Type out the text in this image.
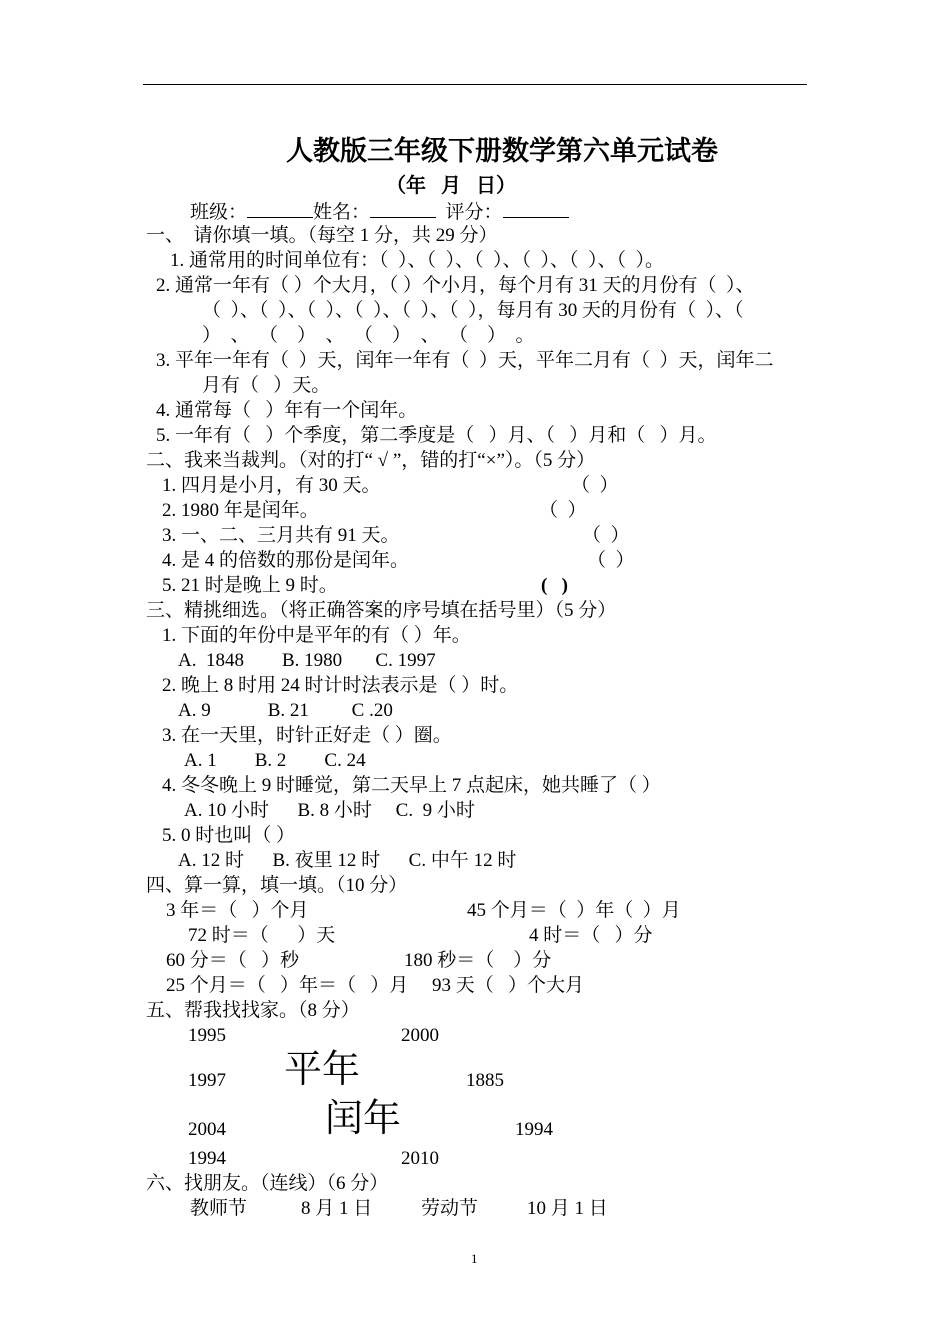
人教版三年级下册数学第六单元试卷
（年   月   日）
班级：	姓名：	评分：
一、  请你填一填。（每空 1 分，共 29 分）
1. 通常用的时间单位有：（  ）、（  ）、（  ）、（  ）、（  ）、（  ）。
2. 通常一年有（ ）个大月，（ ）个小月，每个月有 31 天的月份有（  ）、
（  ）、（  ）、（  ）、（  ）、（  ）、（  ），每月有 30 天的月份有（  ）、（
）  、  （    ）  、  （    ）  、  （    ）  。
3. 平年一年有（  ）天，闰年一年有（  ）天，平年二月有（  ）天，闰年二
月有（   ）天。
4. 通常每（   ）年有一个闰年。
5. 一年有（   ）个季度，第二季度是（   ）月、（   ）月和（   ）月。
二、我来当裁判。（对的打“ √ ”，错的打“×”）。（5 分）
1. 四月是小月，有 30 天。	（  ）
2. 1980 年是闰年。	（  ）
3. 一、二、三月共有 91 天。	（  ）
4. 是 4 的倍数的那份是闰年。	（  ）
5. 21 时是晚上 9 时。	(   )
三、精挑细选。（将正确答案的序号填在括号里）（5 分）
1. 下面的年份中是平年的有（ ）年。
A.  1848        B. 1980       C. 1997
2. 晚上 8 时用 24 时计时法表示是（ ）时。
A. 9            B. 21         C .20
3. 在一天里，时针正好走（ ）圈。
A. 1        B. 2        C. 24
4. 冬冬晚上 9 时睡觉，第二天早上 7 点起床，她共睡了（ ）
A. 10 小时      B. 8 小时     C.  9 小时
5. 0 时也叫（ ）
A. 12 时      B. 夜里 12 时      C. 中午 12 时
四、算一算，填一填。（10 分）
3 年＝（   ）个月	45 个月＝（  ）年（  ）月
72 时＝（      ）天	4 时＝（   ）分
60 分＝（   ）秒	180 秒＝（    ）分
25 个月＝（   ）年＝（   ）月     93 天（   ）个大月
五、帮我找找家。（8 分）
1995	2000
1997 平年	1885
2004	闰年	1994
1994	2010
六、找朋友。（连线）（6 分）
教师节	8 月 1 日	劳动节	10 月 1 日
1
